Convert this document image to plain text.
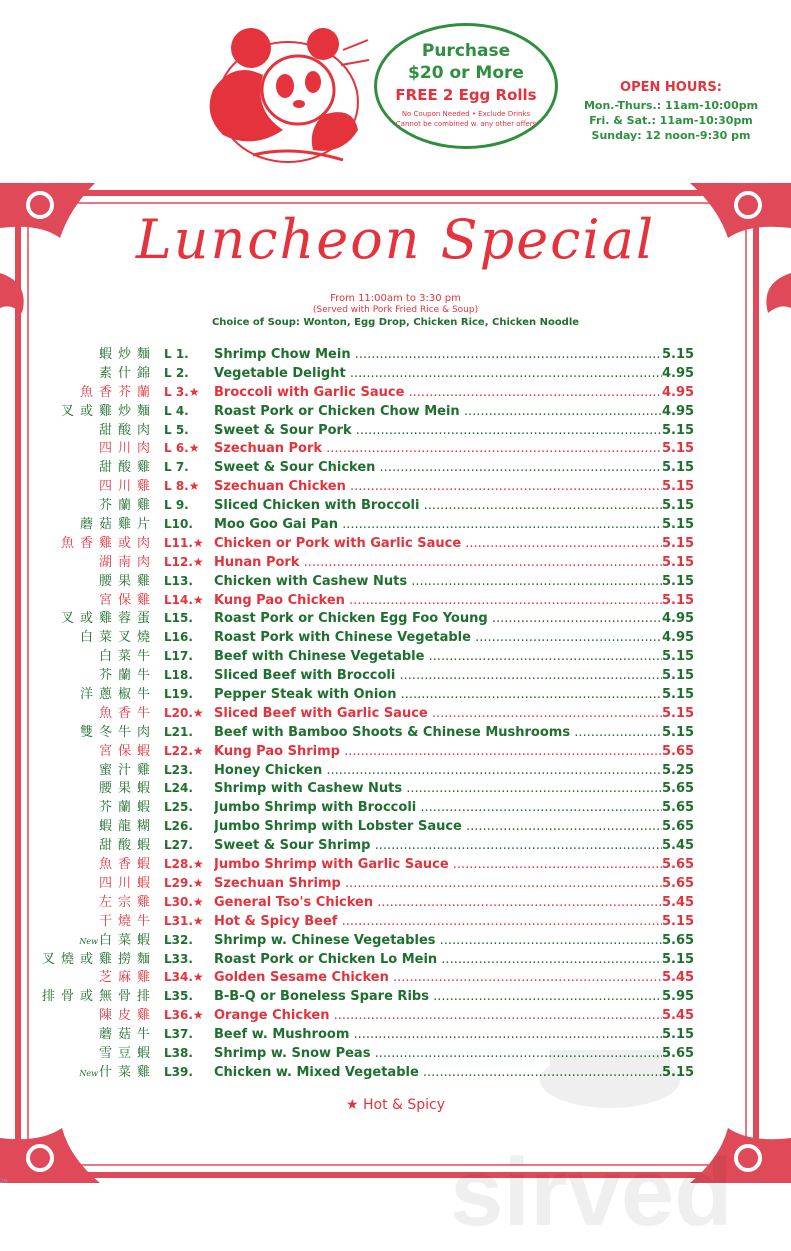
Purchase
$20 or More
FREE 2 Egg Rolls
No Coupon Needed • Exclude Drinks
Cannot be combined w. any other offers
OPEN HOURS:
Mon.-Thurs.: 11am-10:00pm
Fri. & Sat.: 11am-10:30pm
Sunday: 12 noon-9:30 pm
Luncheon Special
From 11:00am to 3:30 pm
(Served with Pork Fried Rice & Soup)
Choice of Soup: Wonton, Egg Drop, Chicken Rice, Chicken Noodle
蝦炒麵 L 1.	Shrimp Chow Mein .....	5.15
素什錦 L 2.	Vegetable Delight .....	4.95
魚香芥蘭 L 3.★	Broccoli with Garlic Sauce .....	4.95
叉或雞炒麵 L 4.	Roast Pork or Chicken Chow Mein .....	4.95
甜酸肉 L 5.	Sweet & Sour Pork .....	5.15
四川肉 L 6.★	Szechuan Pork .....	5.15
甜酸雞 L 7.	Sweet & Sour Chicken .....	5.15
四川雞 L 8.★	Szechuan Chicken .....	5.15
芥蘭雞 L 9.	Sliced Chicken with Broccoli .....	5.15
蘑菇雞片 L10.	Moo Goo Gai Pan .....	5.15
魚香雞或肉 L11.★ Chicken or Pork with Garlic Sauce .....	5.15
湖南肉 L12.★ Hunan Pork .....	5.15
腰果雞 L13.	Chicken with Cashew Nuts .....	5.15
宮保雞 L14.★ Kung Pao Chicken .....	5.15
叉或雞蓉蛋 L15.	Roast Pork or Chicken Egg Foo Young .....	4.95
白菜叉燒 L16.	Roast Pork with Chinese Vegetable .....	4.95
白菜牛 L17.	Beef with Chinese Vegetable .....	5.15
芥蘭牛 L18.	Sliced Beef with Broccoli .....	5.15
洋蔥椒牛 L19.	Pepper Steak with Onion .....	5.15
魚香牛 L20.★ Sliced Beef with Garlic Sauce .....	5.15
雙冬牛肉 L21.	Beef with Bamboo Shoots & Chinese Mushrooms .....	5.15
宮保蝦 L22.★ Kung Pao Shrimp .....	5.65
蜜汁雞 L23.	Honey Chicken .....	5.25
腰果蝦 L24.	Shrimp with Cashew Nuts .....	5.65
芥蘭蝦 L25.	Jumbo Shrimp with Broccoli .....	5.65
蝦龍糊 L26.	Jumbo Shrimp with Lobster Sauce .....	5.65
甜酸蝦 L27.	Sweet & Sour Shrimp .....	5.45
魚香蝦 L28.★ Jumbo Shrimp with Garlic Sauce .....	5.65
四川蝦 L29.★ Szechuan Shrimp .....	5.65
左宗雞 L30.★ General Tso's Chicken .....	5.45
干燒牛 L31.★ Hot & Spicy Beef .....	5.15
New白菜蝦 L32.	Shrimp w. Chinese Vegetables .....	5.65
叉燒或雞撈麵 L33.	Roast Pork or Chicken Lo Mein .....	5.15
芝麻雞 L34.★ Golden Sesame Chicken .....	5.45
排骨或無骨排 L35.	B-B-Q or Boneless Spare Ribs .....	5.95
陳皮雞 L36.★ Orange Chicken .....	5.45
蘑菇牛 L37.	Beef w. Mushroom .....	5.15
雪豆蝦 L38.	Shrimp w. Snow Peas .....	5.65
New什菜雞 L39.	Chicken w. Mixed Vegetable .....	5.15
★ Hot & Spicy
29	sirved
